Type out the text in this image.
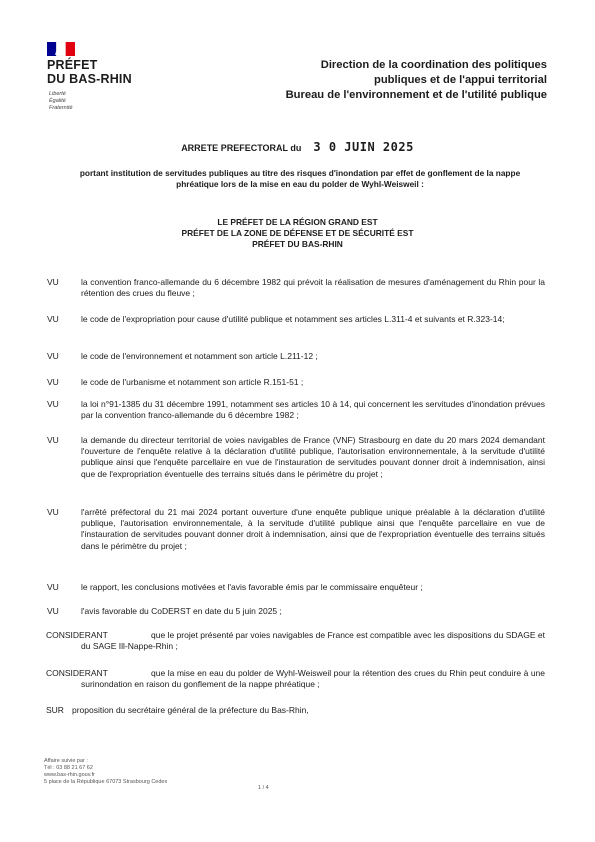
PRÉFET
DU BAS-RHIN
Liberté
Égalité
Fraternité
Direction de la coordination des politiques
publiques et de l'appui territorial
Bureau de l'environnement et de l'utilité publique
ARRETE PREFECTORAL du 3 0 JUIN 2025
portant institution de servitudes publiques au titre des risques d'inondation par effet de gonflement de la nappe phréatique lors de la mise en eau du polder de Wyhl-Weisweil :
LE PRÉFET DE LA RÉGION GRAND EST
PRÉFET DE LA ZONE DE DÉFENSE ET DE SÉCURITÉ EST
PRÉFET DU BAS-RHIN
VU	la convention franco-allemande du 6 décembre 1982 qui prévoit la réalisation de mesures d'aménagement du Rhin pour la rétention des crues du fleuve ;
VU	le code de l'expropriation pour cause d'utilité publique et notamment ses articles L.311-4 et suivants et R.323-14;
VU	le code de l'environnement et notamment son article L.211-12 ;
VU	le code de l'urbanisme et notamment son article R.151-51 ;
VU	la loi n°91-1385 du 31 décembre 1991, notamment ses articles 10 à 14, qui concernent les servitudes d'inondation prévues par la convention franco-allemande du 6 décembre 1982 ;
VU	la demande du directeur territorial de voies navigables de France (VNF) Strasbourg en date du 20 mars 2024 demandant l'ouverture de l'enquête relative à la déclaration d'utilité publique, l'autorisation environnementale, à la servitude d'utilité publique ainsi que l'enquête parcellaire en vue de l'instauration de servitudes pouvant donner droit à indemnisation, ainsi que de l'expropriation éventuelle des terrains situés dans le périmètre du projet ;
VU	l'arrêté préfectoral du 21 mai 2024 portant ouverture d'une enquête publique unique préalable à la déclaration d'utilité publique, l'autorisation environnementale, à la servitude d'utilité publique ainsi que l'enquête parcellaire en vue de l'instauration de servitudes pouvant donner droit à indemnisation, ainsi que de l'expropriation éventuelle des terrains situés dans le périmètre du projet ;
VU	le rapport, les conclusions motivées et l'avis favorable émis par le commissaire enquêteur ;
VU	l'avis favorable du CoDERST en date du 5 juin 2025 ;
CONSIDERANT	que le projet présenté par voies navigables de France est compatible avec les dispositions du SDAGE et du SAGE Ill-Nappe-Rhin ;
CONSIDERANT	que la mise en eau du polder de Wyhl-Weisweil pour la rétention des crues du Rhin peut conduire à une surinondation en raison du gonflement de la nappe phréatique ;
SUR proposition du secrétaire général de la préfecture du Bas-Rhin,
Affaire suivie par :
Tél : 03 88 21 67 62
www.bas-rhin.gouv.fr
5 place de la République 67073 Strasbourg Cedex
1 / 4
